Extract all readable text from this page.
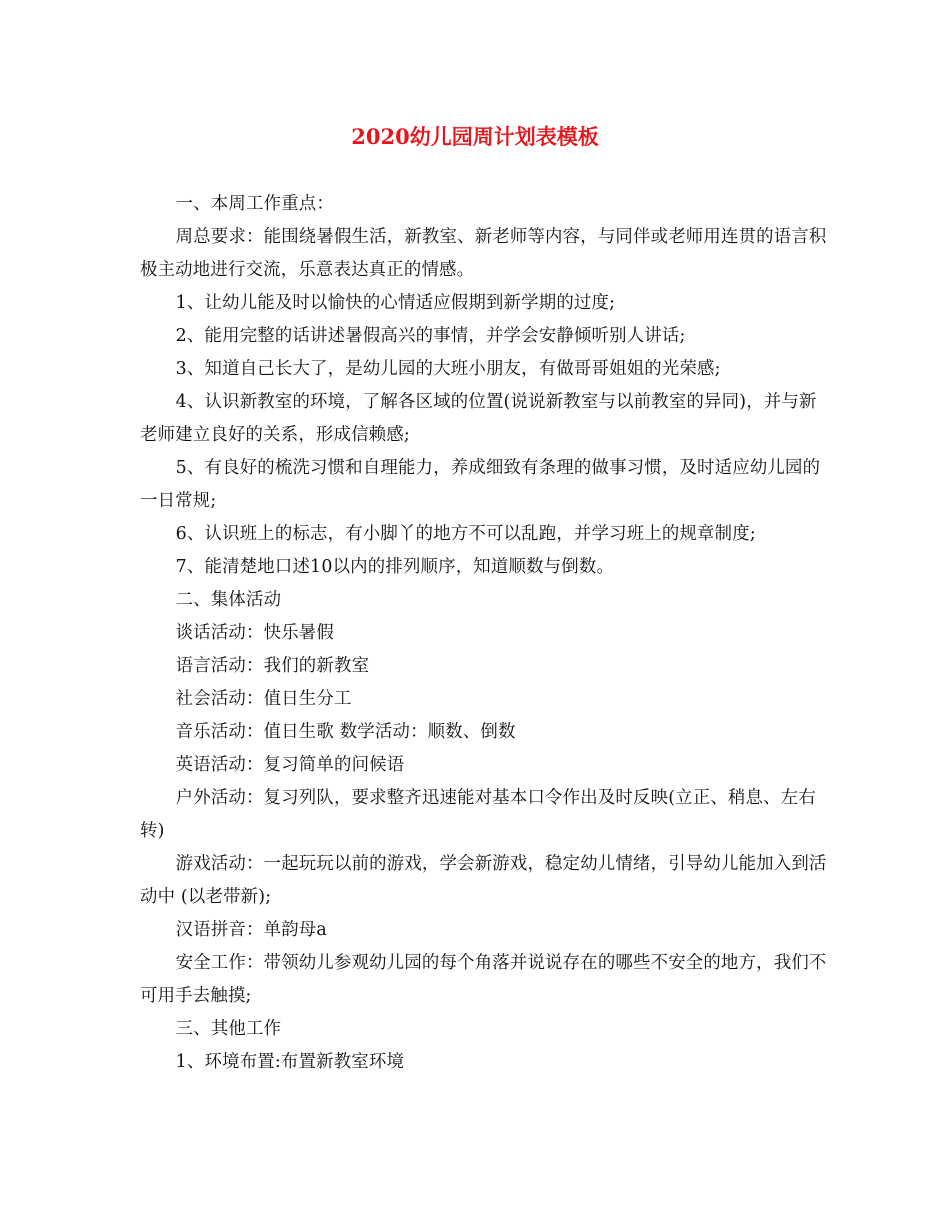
2020幼儿园周计划表模板

一、本周工作重点：

周总要求：能围绕暑假生活，新教室、新老师等内容，与同伴或老师用连贯的语言积极主动地进行交流，乐意表达真正的情感。

1、让幼儿能及时以愉快的心情适应假期到新学期的过度;

2、能用完整的话讲述暑假高兴的事情，并学会安静倾听别人讲话;

3、知道自己长大了，是幼儿园的大班小朋友，有做哥哥姐姐的光荣感;

4、认识新教室的环境，了解各区域的位置(说说新教室与以前教室的异同)，并与新老师建立良好的关系，形成信赖感;

5、有良好的梳洗习惯和自理能力，养成细致有条理的做事习惯，及时适应幼儿园的一日常规;

6、认识班上的标志，有小脚丫的地方不可以乱跑，并学习班上的规章制度;

7、能清楚地口述10以内的排列顺序，知道顺数与倒数。

二、集体活动

谈话活动：快乐暑假

语言活动：我们的新教室

社会活动：值日生分工

音乐活动：值日生歌 数学活动：顺数、倒数

英语活动：复习简单的问候语

户外活动：复习列队，要求整齐迅速能对基本口令作出及时反映(立正、稍息、左右转)

游戏活动：一起玩玩以前的游戏，学会新游戏，稳定幼儿情绪，引导幼儿能加入到活动中 (以老带新);

汉语拼音：单韵母a

安全工作：带领幼儿参观幼儿园的每个角落并说说存在的哪些不安全的地方，我们不可用手去触摸;

三、其他工作

1、环境布置:布置新教室环境
